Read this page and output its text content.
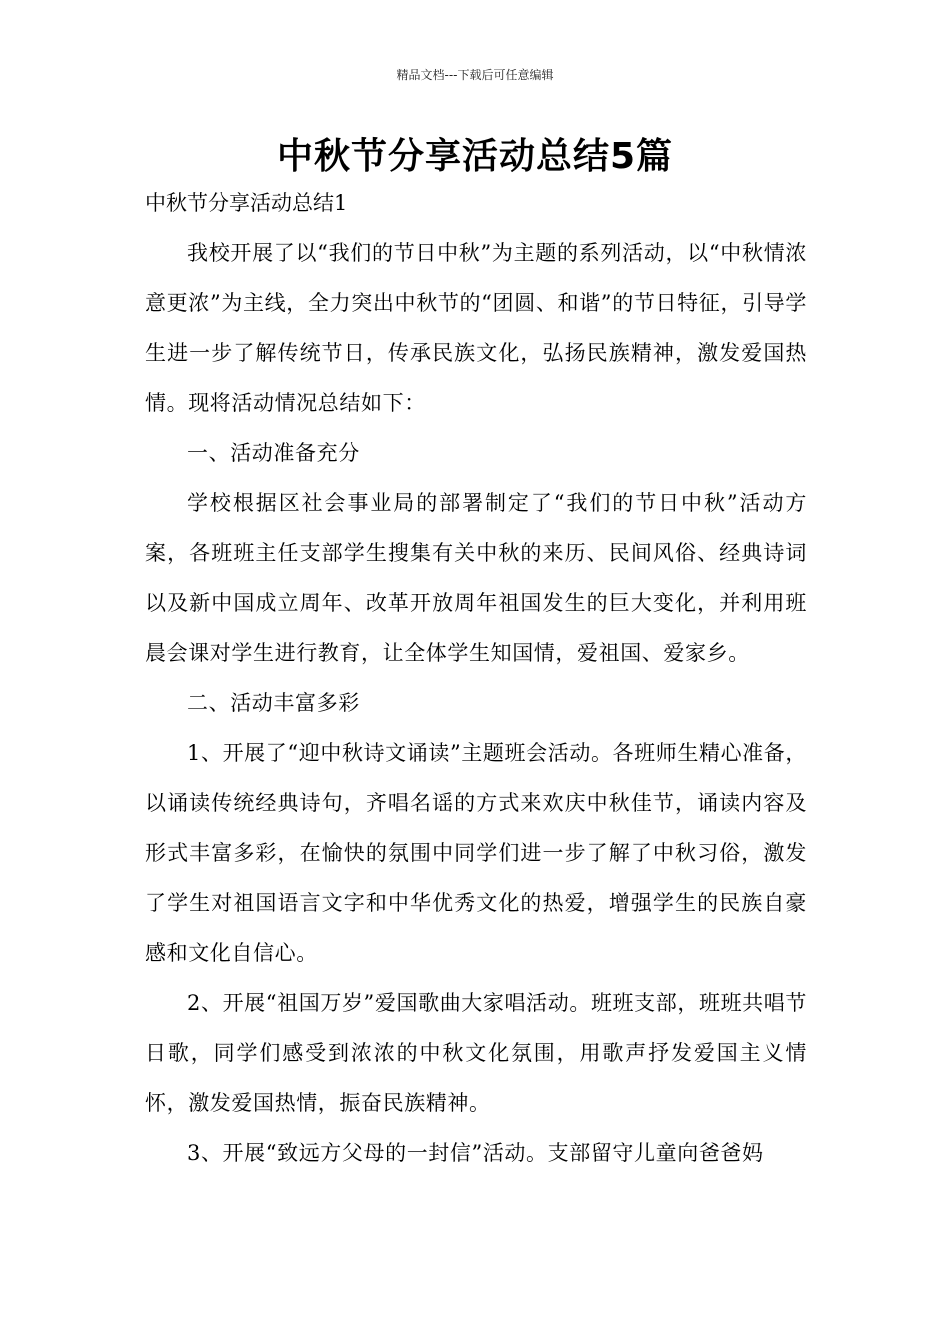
精品文档---下载后可任意编辑
中秋节分享活动总结5篇

中秋节分享活动总结1

我校开展了以“我们的节日中秋”为主题的系列活动，以“中秋情浓意更浓”为主线，全力突出中秋节的“团圆、和谐”的节日特征，引导学生进一步了解传统节日，传承民族文化，弘扬民族精神，激发爱国热情。现将活动情况总结如下：

一、活动准备充分

学校根据区社会事业局的部署制定了“我们的节日中秋”活动方案，各班班主任支部学生搜集有关中秋的来历、民间风俗、经典诗词以及新中国成立周年、改革开放周年祖国发生的巨大变化，并利用班晨会课对学生进行教育，让全体学生知国情，爱祖国、爱家乡。

二、活动丰富多彩

1、开展了“迎中秋诗文诵读”主题班会活动。各班师生精心准备，以诵读传统经典诗句，齐唱名谣的方式来欢庆中秋佳节，诵读内容及形式丰富多彩，在愉快的氛围中同学们进一步了解了中秋习俗，激发了学生对祖国语言文字和中华优秀文化的热爱，增强学生的民族自豪感和文化自信心。

2、开展“祖国万岁”爱国歌曲大家唱活动。班班支部，班班共唱节日歌，同学们感受到浓浓的中秋文化氛围，用歌声抒发爱国主义情怀，激发爱国热情，振奋民族精神。

3、开展“致远方父母的一封信”活动。支部留守儿童向爸爸妈
